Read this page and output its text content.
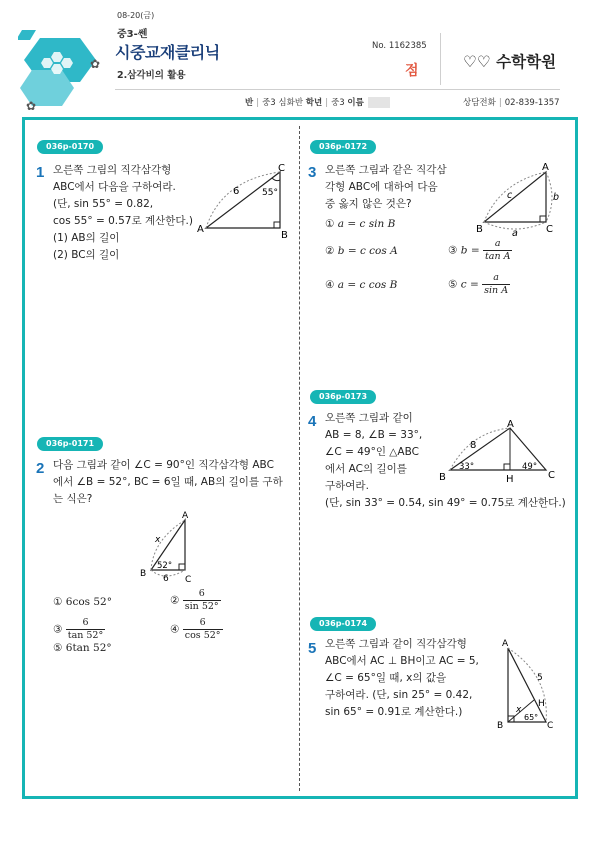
✿
✿
08-20(금)
중3-쎈
시중교재클리닉
2.삼각비의 활용
No. 1162385
점	♡♡ 수학학원
반 | 중3 심화반 학년 | 중3 이름	상담전화 | 02-839-1357
036p-0170
1 오른쪽 그림의 직각삼각형
ABC에서 다음을 구하여라.
(단, sin 55° = 0.82,
cos 55° = 0.57로 계산한다.)
(1) AB의 길이
(2) BC의 길이
A
B
C
6	55°
036p-0171
2 다음 그림과 같이 ∠C = 90°인 직각삼각형 ABC
에서 ∠B = 52°, BC = 6일 때, AB의 길이를 구하
는 식은?
B
C
A
x
6
52°
① 6cos 52°	② $\frac{6}{\sin 52^\circ}$
③ $\frac{6}{\tan 52^\circ}$	④ $\frac{6}{\cos 52^\circ}$
⑤ 6tan 52°
036p-0172
3 오른쪽 그림과 같은 직각삼
각형 ABC에 대하여 다음
중 옳지 않은 것은?
B	C
A
c	b
a
① a = c sin B
② b = c cos A	③ $b = \frac{a}{\text{tan A}}$
④ a = c cos B	⑤ $c = \frac{a}{\text{sin A}}$
036p-0173
4 오른쪽 그림과 같이
AB = 8, ∠B = 33°,
∠C = 49°인 △ABC
에서 AC의 길이를
구하여라.
(단, sin 33° = 0.54, sin 49° = 0.75로 계산한다.)
B	C
A
H
8
33°	49°
036p-0174
5 오른쪽 그림과 같이 직각삼각형
ABC에서 AC ⊥ BH이고 AC = 5,
∠C = 65°일 때, x의 값을
구하여라. (단, sin 25° = 0.42,
sin 65° = 0.91로 계산한다.)
A
B	C
H
5
x
65°
